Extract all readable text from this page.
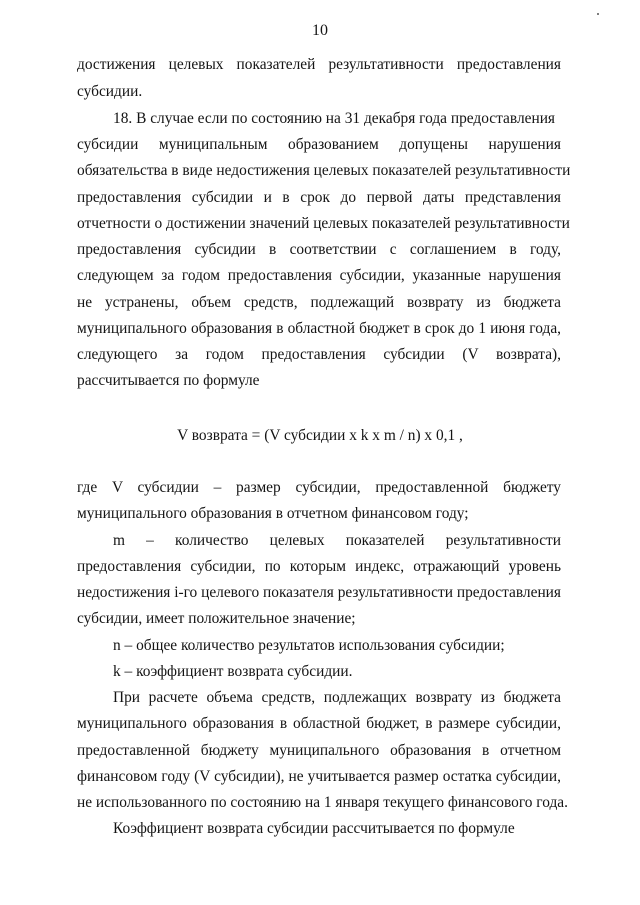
10
достижения целевых показателей результативности предоставления
субсидии.
18. В случае если по состоянию на 31 декабря года предоставления
субсидии муниципальным образованием допущены нарушения
обязательства в виде недостижения целевых показателей результативности
предоставления субсидии и в срок до первой даты представления
отчетности о достижении значений целевых показателей результативности
предоставления субсидии в соответствии с соглашением в году,
следующем за годом предоставления субсидии, указанные нарушения
не устранены, объем средств, подлежащий возврату из бюджета
муниципального образования в областной бюджет в срок до 1 июня года,
следующего за годом предоставления субсидии (V возврата),
рассчитывается по формуле
V возврата = (V субсидии x k x m / n) x 0,1 ,
где V субсидии – размер субсидии, предоставленной бюджету
муниципального образования в отчетном финансовом году;
m – количество целевых показателей результативности
предоставления субсидии, по которым индекс, отражающий уровень
недостижения i-го целевого показателя результативности предоставления
субсидии, имеет положительное значение;
n – общее количество результатов использования субсидии;
k – коэффициент возврата субсидии.
При расчете объема средств, подлежащих возврату из бюджета
муниципального образования в областной бюджет, в размере субсидии,
предоставленной бюджету муниципального образования в отчетном
финансовом году (V субсидии), не учитывается размер остатка субсидии,
не использованного по состоянию на 1 января текущего финансового года.
Коэффициент возврата субсидии рассчитывается по формуле
